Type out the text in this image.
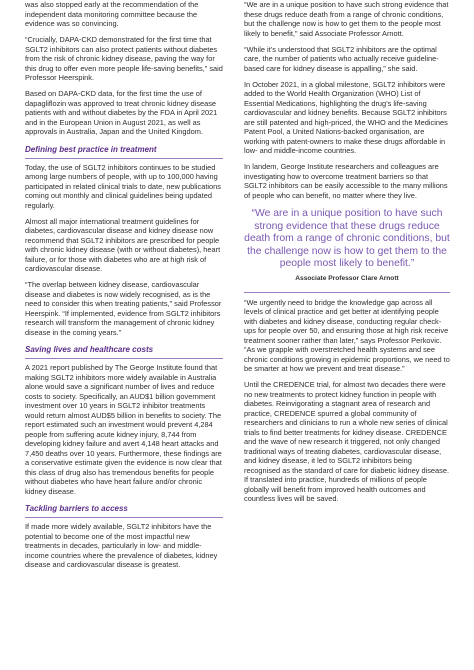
was also stopped early at the recommendation of the independent data monitoring committee because the evidence was so convincing.

“Crucially, DAPA-CKD demonstrated for the first time that SGLT2 inhibitors can also protect patients without diabetes from the risk of chronic kidney disease, paving the way for this drug to offer even more people life-saving benefits,” said Professor Heerspink.

Based on DAPA-CKD data, for the first time the use of dapagliflozin was approved to treat chronic kidney disease patients with and without diabetes by the FDA in April 2021 and in the European Union in August 2021, as well as approvals in Australia, Japan and the United Kingdom.

Defining best practice in treatment

Today, the use of SGLT2 inhibitors continues to be studied among large numbers of people, with up to 100,000 having participated in related clinical trials to date, new publications coming out monthly and clinical guidelines being updated regularly.

Almost all major international treatment guidelines for diabetes, cardiovascular disease and kidney disease now recommend that SGLT2 inhibitors are prescribed for people with chronic kidney disease (with or without diabetes), heart failure, or for those with diabetes who are at high risk of cardiovascular disease.

“The overlap between kidney disease, cardiovascular disease and diabetes is now widely recognised, as is the need to consider this when treating patients,” said Professor Heerspink. “If implemented, evidence from SGLT2 inhibitors research will transform the management of chronic kidney disease in the coming years.”

Saving lives and healthcare costs

A 2021 report published by The George Institute found that making SGLT2 inhibitors more widely available in Australia alone would save a significant number of lives and reduce costs to society. Specifically, an AUD$1 billion government investment over 10 years in SGLT2 inhibitor treatments would return almost AUD$5 billion in benefits to society. The report estimated such an investment would prevent 4,284 people from suffering acute kidney injury, 8,744 from developing kidney failure and avert 4,148 heart attacks and 7,450 deaths over 10 years. Furthermore, these findings are a conservative estimate given the evidence is now clear that this class of drug also has tremendous benefits for people without diabetes who have heart failure and/or chronic kidney disease.

Tackling barriers to access

If made more widely available, SGLT2 inhibitors have the potential to become one of the most impactful new treatments in decades, particularly in low- and middle-income countries where the prevalence of diabetes, kidney disease and cardiovascular disease is greatest.

“We are in a unique position to have such strong evidence that these drugs reduce death from a range of chronic conditions, but the challenge now is how to get them to the people most likely to benefit,” said Associate Professor Arnott.

“While it’s understood that SGLT2 inhibitors are the optimal care, the number of patients who actually receive guideline-based care for kidney disease is appalling,” she said.

In October 2021, in a global milestone, SGLT2 inhibitors were added to the World Health Organization (WHO) List of Essential Medications, highlighting the drug’s life-saving cardiovascular and kidney benefits. Because SGLT2 inhibitors are still patented and high-priced, the WHO and the Medicines Patent Pool, a United Nations-backed organisation, are working with patent-owners to make these drugs affordable in low- and middle-income countries.

In landem, George Institute researchers and colleagues are investigating how to overcome treatment barriers so that SGLT2 inhibitors can be easily accessible to the many millions of people who can benefit, no matter where they live.

“We are in a unique position to have such strong evidence that these drugs reduce death from a range of chronic conditions, but the challenge now is how to get them to the people most likely to benefit.”

Associate Professor Clare Arnott

“We urgently need to bridge the knowledge gap across all levels of clinical practice and get better at identifying people with diabetes and kidney disease, conducting regular check-ups for people over 50, and ensuring those at high risk receive treatment sooner rather than later,” says Professor Perkovic. “As we grapple with overstretched health systems and see chronic conditions growing in epidemic proportions, we need to be smarter at how we prevent and treat disease.”

Until the CREDENCE trial, for almost two decades there were no new treatments to protect kidney function in people with diabetes. Reinvigorating a stagnant area of research and practice, CREDENCE spurred a global community of researchers and clinicians to run a whole new series of clinical trials to find better treatments for kidney disease. CREDENCE and the wave of new research it triggered, not only changed traditional ways of treating diabetes, cardiovascular disease, and kidney disease, it led to SGLT2 inhibitors being recognised as the standard of care for diabetic kidney disease. If translated into practice, hundreds of millions of people globally will benefit from improved health outcomes and countless lives will be saved.
